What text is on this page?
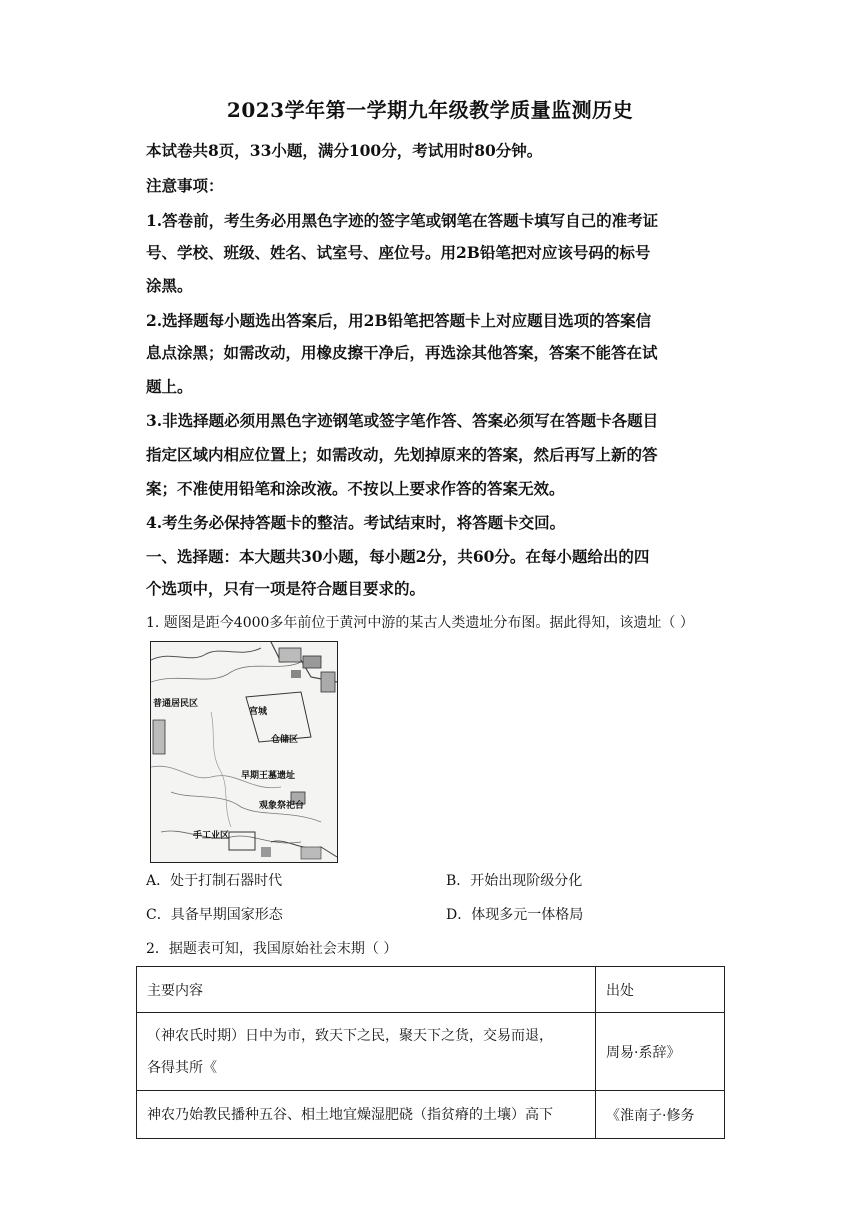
2023学年第一学期九年级教学质量监测历史
本试卷共8页，33小题，满分100分，考试用时80分钟。
注意事项：
1.答卷前，考生务必用黑色字迹的签字笔或钢笔在答题卡填写自己的准考证
号、学校、班级、姓名、试室号、座位号。用2B铅笔把对应该号码的标号
涂黑。
2.选择题每小题选出答案后，用2B铅笔把答题卡上对应题目选项的答案信
息点涂黑；如需改动，用橡皮擦干净后，再选涂其他答案，答案不能答在试
题上。
3.非选择题必须用黑色字迹钢笔或签字笔作答、答案必须写在答题卡各题目
指定区域内相应位置上；如需改动，先划掉原来的答案，然后再写上新的答
案；不准使用铅笔和涂改液。不按以上要求作答的答案无效。
4.考生务必保持答题卡的整洁。考试结束时，将答题卡交回。
一、选择题：本大题共30小题，每小题2分，共60分。在每小题给出的四
个选项中，只有一项是符合题目要求的。
1. 题图是距今4000多年前位于黄河中游的某古人类遗址分布图。据此得知，该遗址（ ）
普通居民区
宫城
仓储区
早期王墓遗址
观象祭祀台
手工业区
A．处于打制石器时代	B．开始出现阶级分化
C．具备早期国家形态	D．体现多元一体格局
2．据题表可知，我国原始社会末期（ ）
主要内容	出处

（神农氏时期）日中为市，致天下之民，聚天下之货，交易而退，
各得其所《	周易·系辞》

神农乃始教民播种五谷、相土地宜燥湿肥硗（指贫瘠的土壤）高下	《淮南子·修务
